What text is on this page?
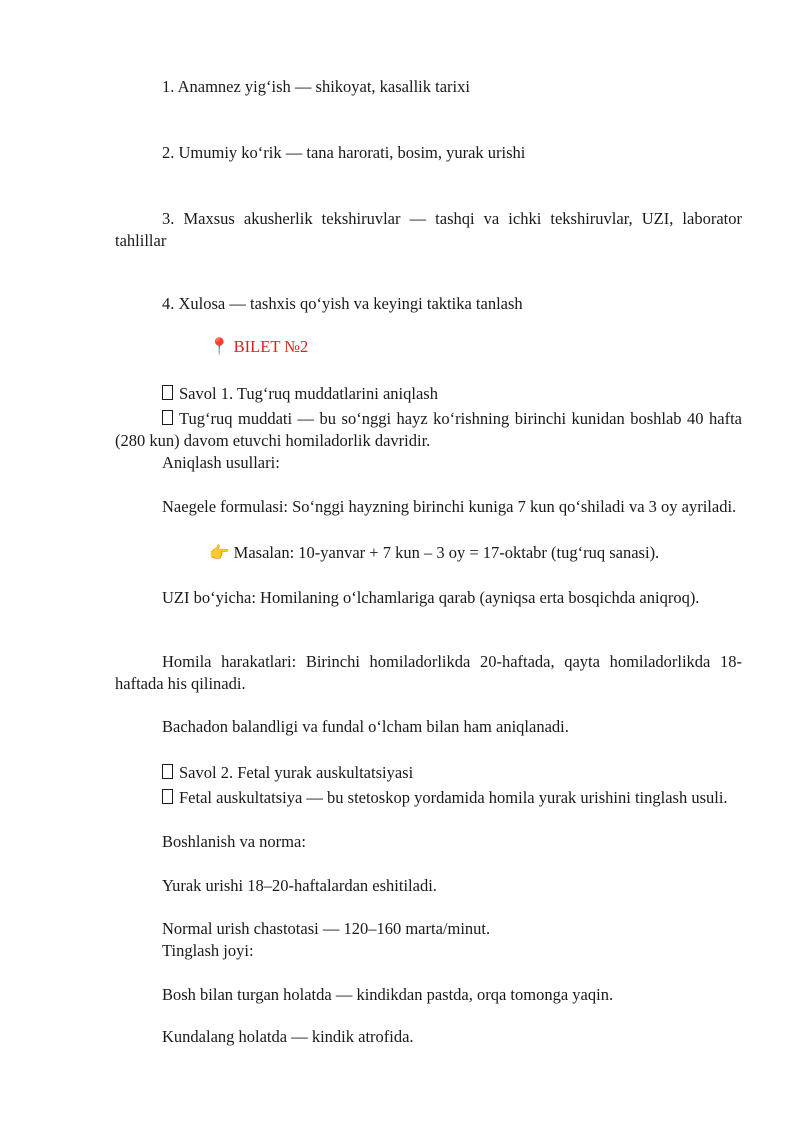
1. Anamnez yig‘ish — shikoyat, kasallik tarixi

2. Umumiy ko‘rik — tana harorati, bosim, yurak urishi

3. Maxsus akusherlik tekshiruvlar — tashqi va ichki tekshiruvlar, UZI, laborator tahlillar

4. Xulosa — tashxis qo‘yish va keyingi taktika tanlash

📍 BILET №2

Savol 1. Tug‘ruq muddatlarini aniqlash

Tug‘ruq muddati — bu so‘nggi hayz ko‘rishning birinchi kunidan boshlab 40 hafta (280 kun) davom etuvchi homiladorlik davridir.

Aniqlash usullari:

Naegele formulasi: So‘nggi hayzning birinchi kuniga 7 kun qo‘shiladi va 3 oy ayriladi.

👉 Masalan: 10-yanvar + 7 kun – 3 oy = 17-oktabr (tug‘ruq sanasi).

UZI bo‘yicha: Homilaning o‘lchamlariga qarab (ayniqsa erta bosqichda aniqroq).

Homila harakatlari: Birinchi homiladorlikda 20-haftada, qayta homiladorlikda 18-haftada his qilinadi.

Bachadon balandligi va fundal o‘lcham bilan ham aniqlanadi.

Savol 2. Fetal yurak auskultatsiyasi

Fetal auskultatsiya — bu stetoskop yordamida homila yurak urishini tinglash usuli.

Boshlanish va norma:

Yurak urishi 18–20-haftalardan eshitiladi.

Normal urish chastotasi — 120–160 marta/minut.

Tinglash joyi:

Bosh bilan turgan holatda — kindikdan pastda, orqa tomonga yaqin.

Kundalang holatda — kindik atrofida.
